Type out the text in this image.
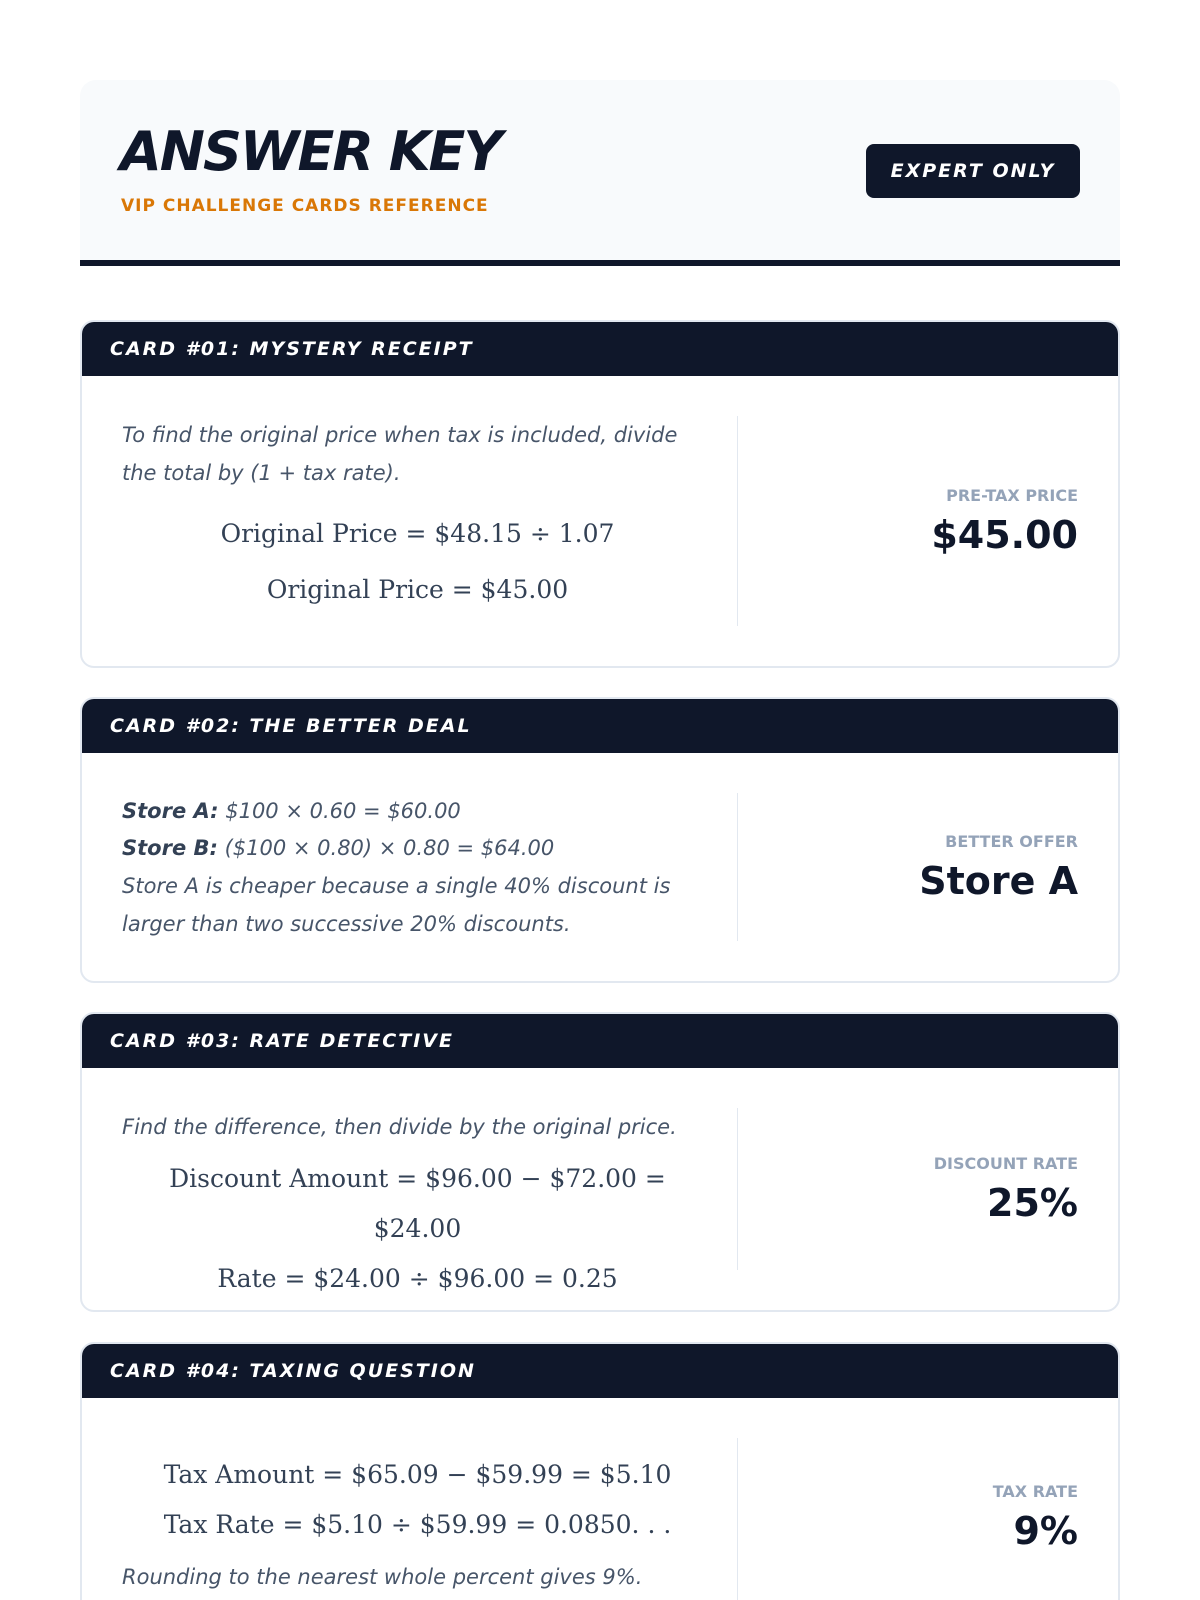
ANSWER KEY
VIP CHALLENGE CARDS REFERENCE
EXPERT ONLY
CARD #01: MYSTERY RECEIPT
To find the original price when tax is included, divide the total by (1 + tax rate).
Original Price = $48.15 ÷ 1.07
Original Price = $45.00
PRE-TAX PRICE
$45.00
CARD #02: THE BETTER DEAL
Store A: $100 × 0.60 = $60.00
Store B: ($100 × 0.80) × 0.80 = $64.00
Store A is cheaper because a single 40% discount is larger than two successive 20% discounts.
BETTER OFFER
Store A
CARD #03: RATE DETECTIVE
Find the difference, then divide by the original price.
Discount Amount = $96.00 − $72.00 = $24.00
Rate = $24.00 ÷ $96.00 = 0.25
DISCOUNT RATE
25%
CARD #04: TAXING QUESTION
Tax Amount = $65.09 − $59.99 = $5.10
Tax Rate = $5.10 ÷ $59.99 = 0.0850. . .
Rounding to the nearest whole percent gives 9%.
TAX RATE
9%
